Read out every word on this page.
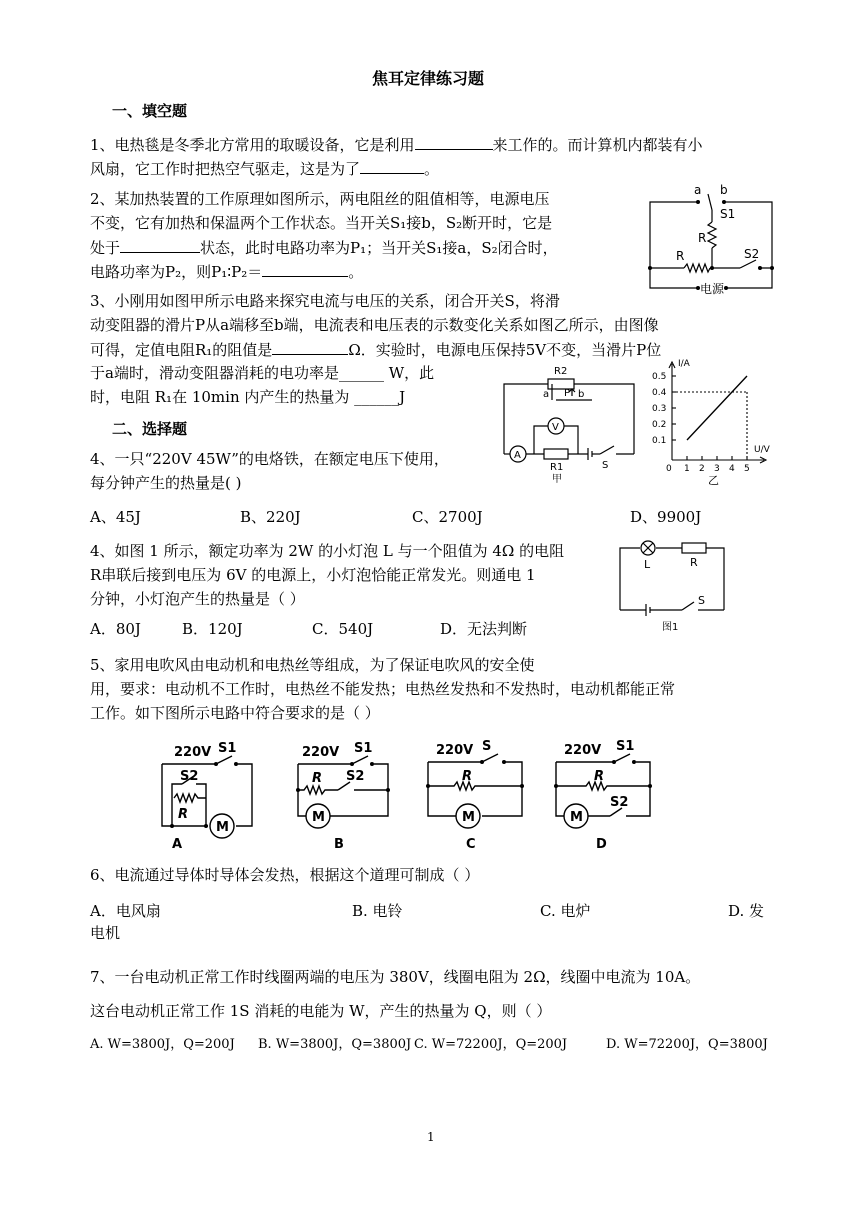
焦耳定律练习题
一、填空题
1、电热毯是冬季北方常用的取暖设备，它是利用	来工作的。而计算机内都装有小
风扇，它工作时把热空气驱走，这是为了	。
2、某加热装置的工作原理如图所示，两电阻丝的阻值相等，电源电压
不变，它有加热和保温两个工作状态。当开关S₁接b，S₂断开时，它是
处于	状态，此时电路功率为P₁；当开关S₁接a，S₂闭合时，
电路功率为P₂，则P₁∶P₂＝	。
a b
S1
R
R	S2
电源
3、小刚用如图甲所示电路来探究电流与电压的关系，闭合开关S，将滑
动变阻器的滑片P从a端移至b端，电流表和电压表的示数变化关系如图乙所示，由图像
可得，定值电阻R₁的阻值是	Ω．实验时，电源电压保持5V不变，当滑片P位
于a端时，滑动变阻器消耗的电功率是______ W，此
时，电阻 R₁在 10min 内产生的热量为 ______J
R2
a P b
V
A
R1	S
甲
I/A
U/V
0.5
0.4
0.3
0.2
0.1
0 1 2 3 4 5
乙
二、选择题
4、一只“220V 45W”的电烙铁，在额定电压下使用，
每分钟产生的热量是( )
A、45J	B、220J	C、2700J	D、9900J
4、如图 1 所示，额定功率为 2W 的小灯泡 L 与一个阻值为 4Ω 的电阻
R串联后接到电压为 6V 的电源上，小灯泡恰能正常发光。则通电 1
分钟，小灯泡产生的热量是（ ）
A．80J	B．120J	C．540J	D．无法判断
L	R
S
图1
5、家用电吹风由电动机和电热丝等组成，为了保证电吹风的安全使
用，要求：电动机不工作时，电热丝不能发热；电热丝发热和不发热时，电动机都能正常
工作。如下图所示电路中符合要求的是（ ）
220V S1
S2
R
M
A
220V S1
S2
R
M
B
220V S
R
M
C
220V S1
S2
R
M
D
6、电流通过导体时导体会发热，根据这个道理可制成（ ）
A．电风扇	B. 电铃	C. 电炉	D. 发
电机
7、一台电动机正常工作时线圈两端的电压为 380V，线圈电阻为 2Ω，线圈中电流为 10A。
这台电动机正常工作 1S 消耗的电能为 W，产生的热量为 Q，则（ ）
A. W=3800J，Q=200J B. W=3800J，Q=3800J C. W=72200J，Q=200J	D. W=72200J，Q=3800J
1
